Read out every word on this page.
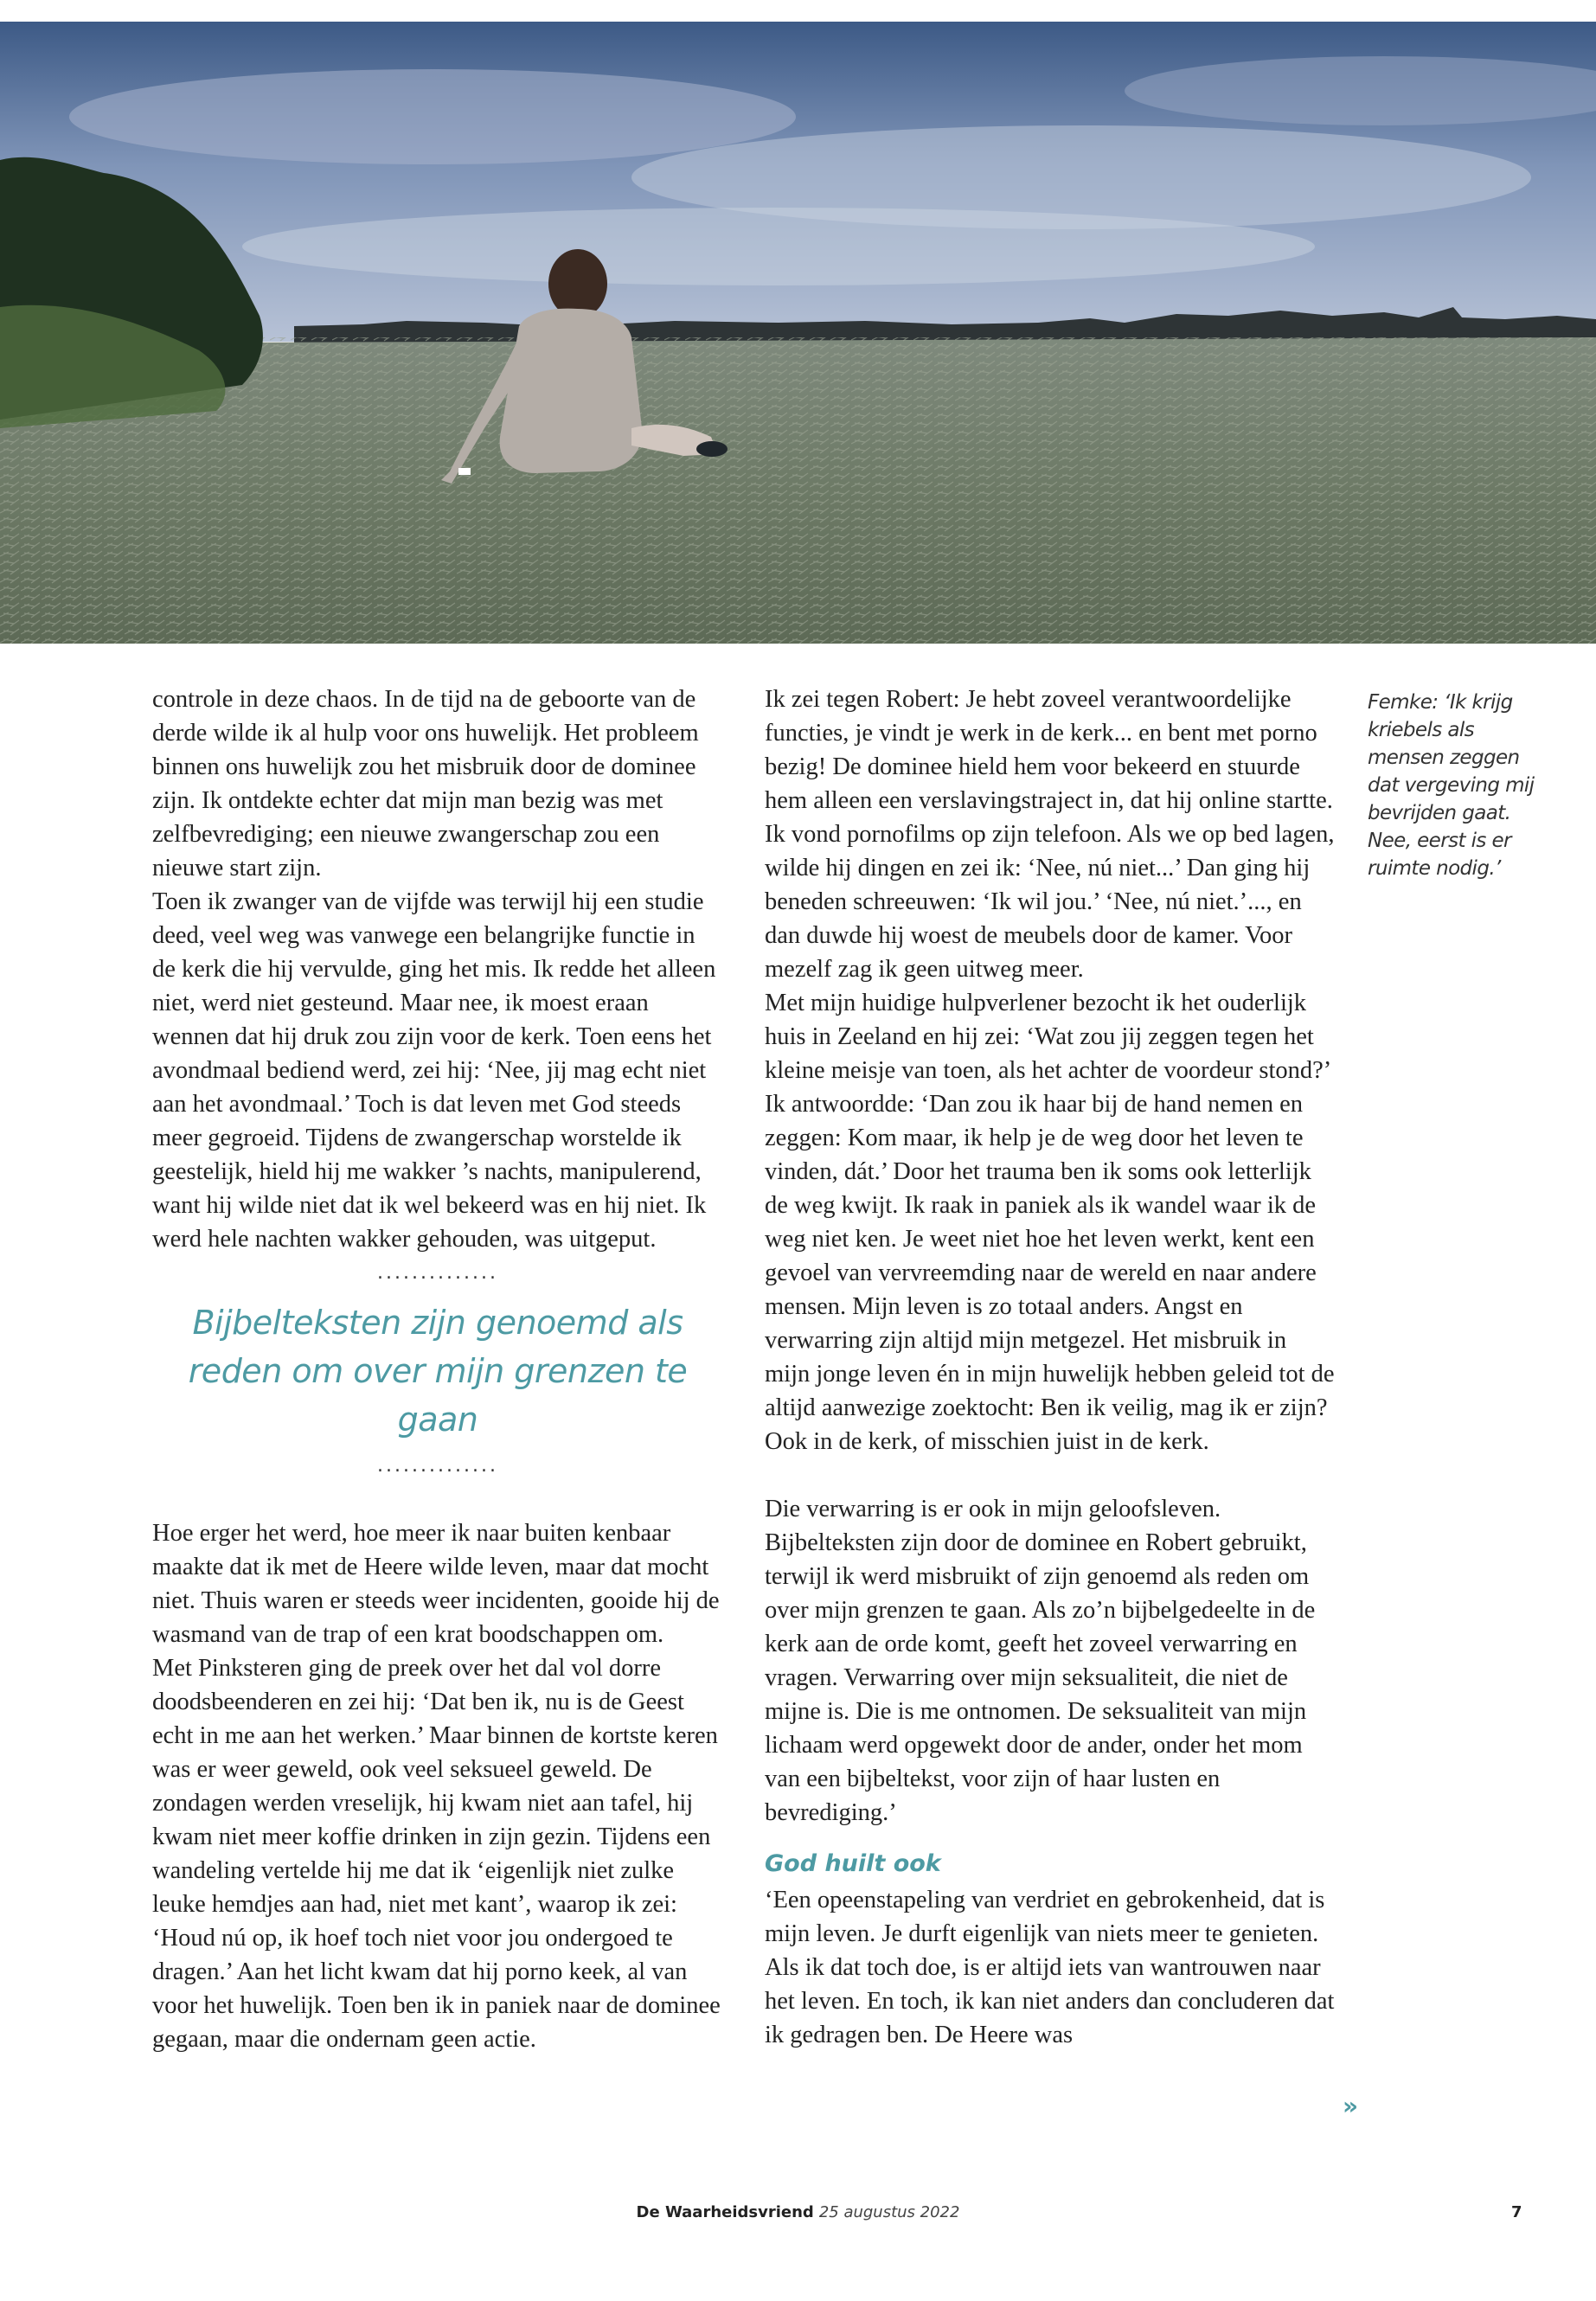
controle in deze chaos. In de tijd na de geboorte van de derde wilde ik al hulp voor ons huwelijk. Het probleem binnen ons huwelijk zou het misbruik door de dominee zijn. Ik ontdekte echter dat mijn man bezig was met zelfbevrediging; een nieuwe zwangerschap zou een nieuwe start zijn.

Toen ik zwanger van de vijfde was terwijl hij een studie deed, veel weg was vanwege een belangrijke functie in de kerk die hij vervulde, ging het mis. Ik redde het alleen niet, werd niet gesteund. Maar nee, ik moest eraan wennen dat hij druk zou zijn voor de kerk. Toen eens het avondmaal bediend werd, zei hij: ‘Nee, jij mag echt niet aan het avondmaal.’ Toch is dat leven met God steeds meer gegroeid. Tijdens de zwangerschap worstelde ik geestelijk, hield hij me wakker ’s nachts, manipulerend, want hij wilde niet dat ik wel bekeerd was en hij niet. Ik werd hele nachten wakker gehouden, was uitgeput.

..............
Bijbelteksten zijn genoemd als
reden om over mijn grenzen te gaan
..............

Hoe erger het werd, hoe meer ik naar buiten kenbaar maakte dat ik met de Heere wilde leven, maar dat mocht niet. Thuis waren er steeds weer incidenten, gooide hij de wasmand van de trap of een krat boodschappen om.

Met Pinksteren ging de preek over het dal vol dorre doodsbeenderen en zei hij: ‘Dat ben ik, nu is de Geest echt in me aan het werken.’ Maar binnen de kortste keren was er weer geweld, ook veel seksueel geweld. De zondagen werden vreselijk, hij kwam niet aan tafel, hij kwam niet meer koffie drinken in zijn gezin. Tijdens een wandeling vertelde hij me dat ik ‘eigenlijk niet zulke leuke hemdjes aan had, niet met kant’, waarop ik zei: ‘Houd nú op, ik hoef toch niet voor jou ondergoed te dragen.’ Aan het licht kwam dat hij porno keek, al van voor het huwelijk. Toen ben ik in paniek naar de dominee gegaan, maar die ondernam geen actie.

Ik zei tegen Robert: Je hebt zoveel verantwoordelijke functies, je vindt je werk in de kerk... en bent met porno bezig! De dominee hield hem voor bekeerd en stuurde hem alleen een verslavingstraject in, dat hij online startte. Ik vond pornofilms op zijn telefoon. Als we op bed lagen, wilde hij dingen en zei ik: ‘Nee, nú niet...’ Dan ging hij beneden schreeuwen: ‘Ik wil jou.’ ‘Nee, nú niet.’..., en dan duwde hij woest de meubels door de kamer. Voor mezelf zag ik geen uitweg meer.

Met mijn huidige hulpverlener bezocht ik het ouderlijk huis in Zeeland en hij zei: ‘Wat zou jij zeggen tegen het kleine meisje van toen, als het achter de voordeur stond?’ Ik antwoordde: ‘Dan zou ik haar bij de hand nemen en zeggen: Kom maar, ik help je de weg door het leven te vinden, dát.’ Door het trauma ben ik soms ook letterlijk de weg kwijt. Ik raak in paniek als ik wandel waar ik de weg niet ken. Je weet niet hoe het leven werkt, kent een gevoel van vervreemding naar de wereld en naar andere mensen. Mijn leven is zo totaal anders. Angst en verwarring zijn altijd mijn metgezel. Het misbruik in mijn jonge leven én in mijn huwelijk hebben geleid tot de altijd aanwezige zoektocht: Ben ik veilig, mag ik er zijn? Ook in de kerk, of misschien juist in de kerk.

Die verwarring is er ook in mijn geloofsleven. Bijbelteksten zijn door de dominee en Robert gebruikt, terwijl ik werd misbruikt of zijn genoemd als reden om over mijn grenzen te gaan. Als zo’n bijbelgedeelte in de kerk aan de orde komt, geeft het zoveel verwarring en vragen. Verwarring over mijn seksualiteit, die niet de mijne is. Die is me ontnomen. De seksualiteit van mijn lichaam werd opgewekt door de ander, onder het mom van een bijbeltekst, voor zijn of haar lusten en bevrediging.’

God huilt ook

‘Een opeenstapeling van verdriet en gebrokenheid, dat is mijn leven. Je durft eigenlijk van niets meer te genieten. Als ik dat toch doe, is er altijd iets van wantrouwen naar het leven. En toch, ik kan niet anders dan concluderen dat ik gedragen ben. De Heere was

»
Femke: ‘Ik krijg kriebels als mensen zeggen dat vergeving mij bevrijden gaat. Nee, eerst is er ruimte nodig.’
De Waarheidsvriend 25 augustus 2022	7
